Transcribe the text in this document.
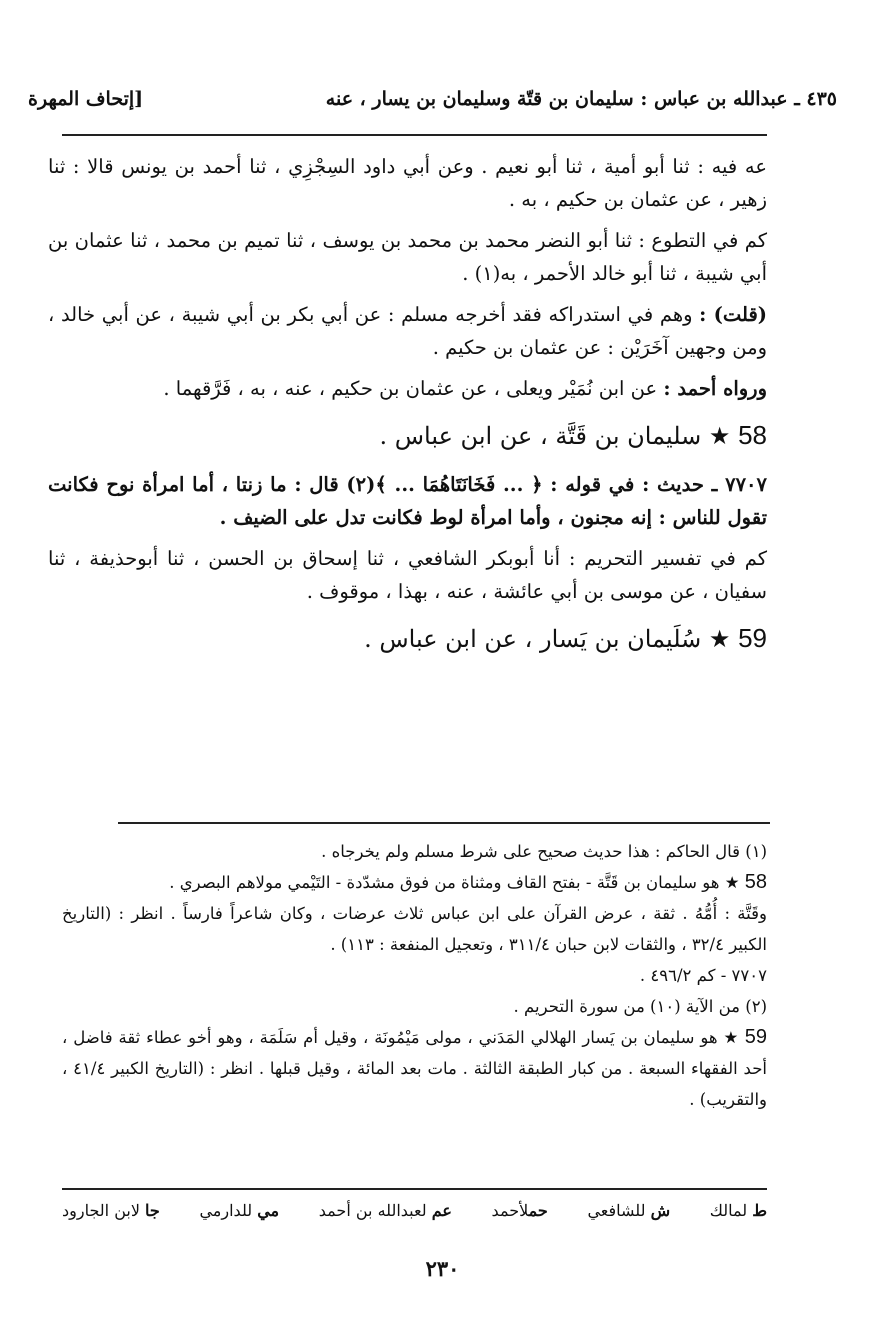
٤٣٥ ـ عبدالله بن عباس : سليمان بن قتّة وسليمان بن يسار ، عنه
[إتحاف المهرة

عه فيه : ثنا أبو أمية ، ثنا أبو نعيم . وعن أبي داود السِجْزِي ، ثنا أحمد بن يونس قالا : ثنا زهير ، عن عثمان بن حكيم ، به .

كم في التطوع : ثنا أبو النضر محمد بن محمد بن يوسف ، ثنا تميم بن محمد ، ثنا عثمان بن أبي شيبة ، ثنا أبو خالد الأحمر ، به(١) .

(قلت) : وهم في استدراكه فقد أخرجه مسلم : عن أبي بكر بن أبي شيبة ، عن أبي خالد ، ومن وجهين آخَرَيْن : عن عثمان بن حكيم .

ورواه أحمد : عن ابن نُمَيْر ويعلى ، عن عثمان بن حكيم ، عنه ، به ، فَرَّقهما .

58 ★ سليمان بن قَتَّة ، عن ابن عباس .

٧٧٠٧ ـ حديث : في قوله : ﴿ ... فَخَانَتَاهُمَا ... ﴾(٢) قال : ما زنتا ، أما امرأة نوح فكانت تقول للناس : إنه مجنون ، وأما امرأة لوط فكانت تدل على الضيف .

كم في تفسير التحريم : أنا أبوبكر الشافعي ، ثنا إسحاق بن الحسن ، ثنا أبوحذيفة ، ثنا سفيان ، عن موسى بن أبي عائشة ، عنه ، بهذا ، موقوف .

59 ★ سُلَيمان بن يَسار ، عن ابن عباس .

(١) قال الحاكم : هذا حديث صحيح على شرط مسلم ولم يخرجاه .

58 ★ هو سليمان بن قَتَّة - بفتح القاف ومثناة من فوق مشدّدة - التَيْمي مولاهم البصري .

وقَتَّة : أُمُّهُ . ثقة ، عرض القرآن على ابن عباس ثلاث عرضات ، وكان شاعراً فارساً . انظر : (التاريخ الكبير ٣٢/٤ ، والثقات لابن حبان ٣١١/٤ ، وتعجيل المنفعة : ١١٣) .

٧٧٠٧ - كم ٤٩٦/٢ .

(٢) من الآية (١٠) من سورة التحريم .

59 ★ هو سليمان بن يَسار الهلالي المَدَني ، مولى مَيْمُونَة ، وقيل أم سَلَمَة ، وهو أخو عطاء ثقة فاضل ، أحد الفقهاء السبعة . من كبار الطبقة الثالثة . مات بعد المائة ، وقيل قبلها . انظر : (التاريخ الكبير ٤١/٤ ، والتقريب) .

ط لمالك
ش للشافعي
حملأحمد
عم لعبدالله بن أحمد
مي للدارمي
جا لابن الجارود
٢٣٠
